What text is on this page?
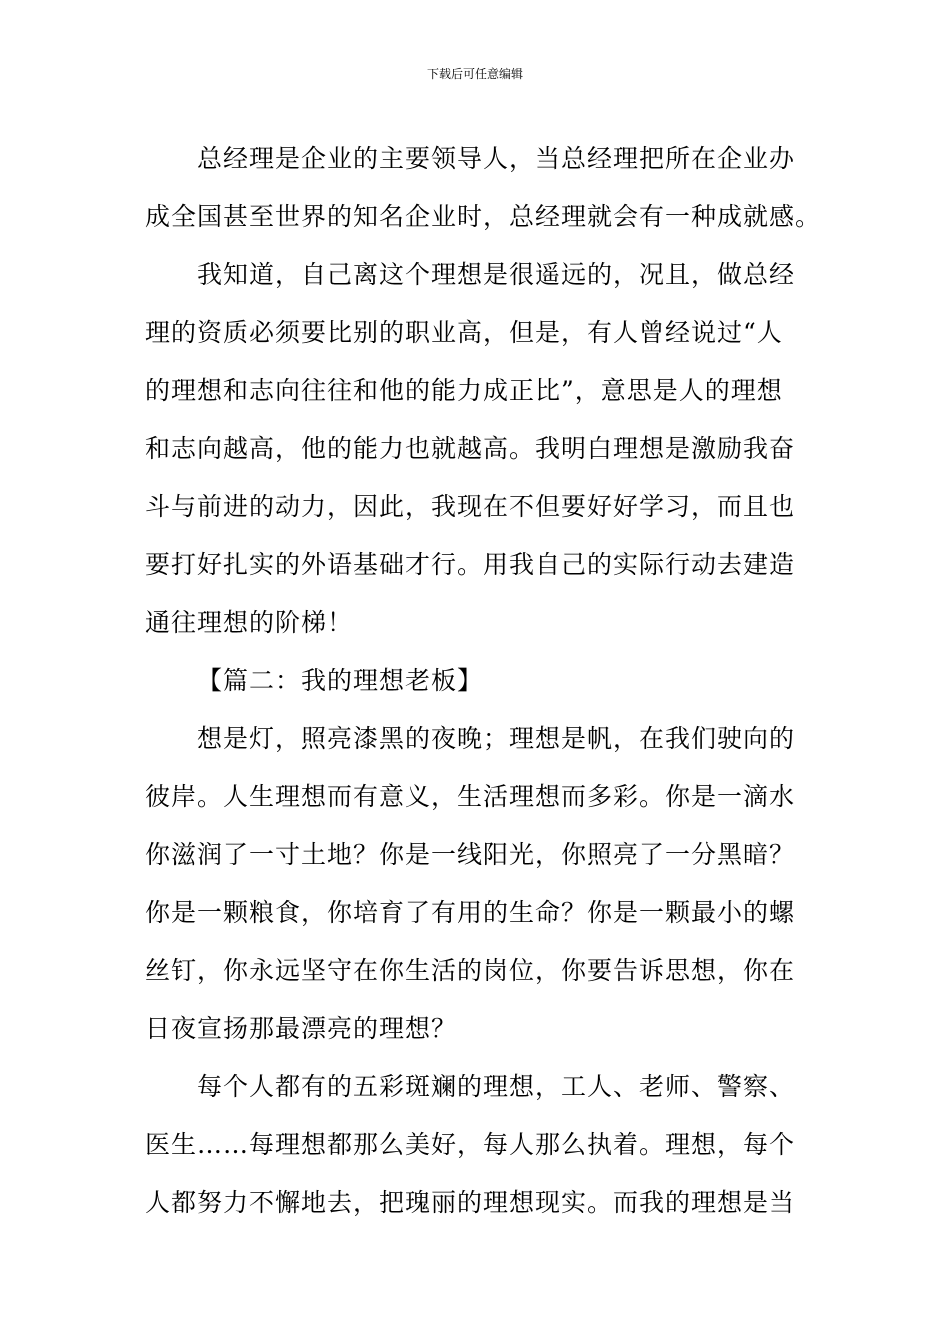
下载后可任意编辑
总经理是企业的主要领导人，当总经理把所在企业办
成全国甚至世界的知名企业时，总经理就会有一种成就感。
我知道，自己离这个理想是很遥远的，况且，做总经
理的资质必须要比别的职业高，但是，有人曾经说过“人
的理想和志向往往和他的能力成正比”，意思是人的理想
和志向越高，他的能力也就越高。我明白理想是激励我奋
斗与前进的动力，因此，我现在不但要好好学习，而且也
要打好扎实的外语基础才行。用我自己的实际行动去建造
通往理想的阶梯！
【篇二：我的理想老板】
想是灯，照亮漆黑的夜晚；理想是帆，在我们驶向的
彼岸。人生理想而有意义，生活理想而多彩。你是一滴水
你滋润了一寸土地？你是一线阳光，你照亮了一分黑暗？
你是一颗粮食，你培育了有用的生命？你是一颗最小的螺
丝钉，你永远坚守在你生活的岗位，你要告诉思想，你在
日夜宣扬那最漂亮的理想？
每个人都有的五彩斑斓的理想，工人、老师、警察、
医生……每理想都那么美好，每人那么执着。理想，每个
人都努力不懈地去，把瑰丽的理想现实。而我的理想是当
